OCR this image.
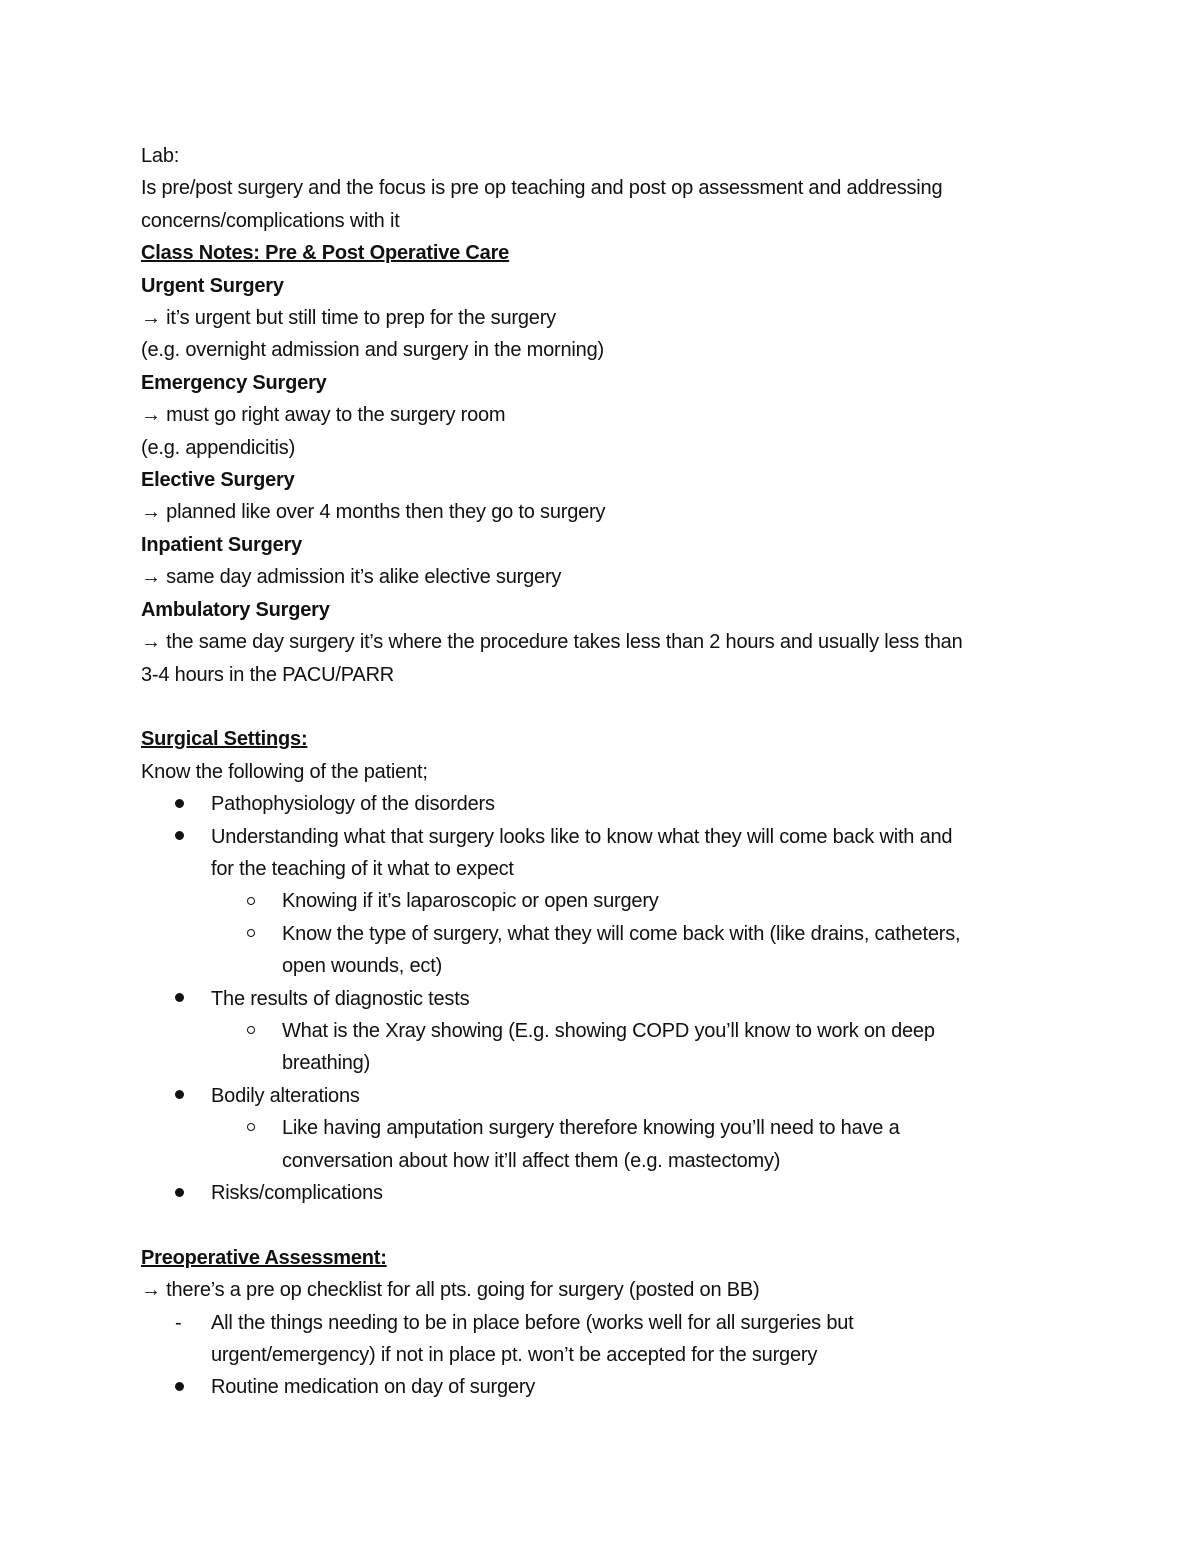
Lab:
Is pre/post surgery and the focus is pre op teaching and post op assessment and addressing
concerns/complications with it
Class Notes: Pre & Post Operative Care
Urgent Surgery
→ it’s urgent but still time to prep for the surgery
(e.g. overnight admission and surgery in the morning)
Emergency Surgery
→ must go right away to the surgery room
(e.g. appendicitis)
Elective Surgery
→ planned like over 4 months then they go to surgery
Inpatient Surgery
→ same day admission it’s alike elective surgery
Ambulatory Surgery
→ the same day surgery it’s where the procedure takes less than 2 hours and usually less than
3-4 hours in the PACU/PARR
Surgical Settings:
Know the following of the patient;
Pathophysiology of the disorders
Understanding what that surgery looks like to know what they will come back with and
for the teaching of it what to expect
Knowing if it’s laparoscopic or open surgery
Know the type of surgery, what they will come back with (like drains, catheters,
open wounds, ect)
The results of diagnostic tests
What is the Xray showing (E.g. showing COPD you’ll know to work on deep
breathing)
Bodily alterations
Like having amputation surgery therefore knowing you’ll need to have a
conversation about how it’ll affect them (e.g. mastectomy)
Risks/complications
Preoperative Assessment:
→ there’s a pre op checklist for all pts. going for surgery (posted on BB)
- All the things needing to be in place before (works well for all surgeries but
urgent/emergency) if not in place pt. won’t be accepted for the surgery
Routine medication on day of surgery
